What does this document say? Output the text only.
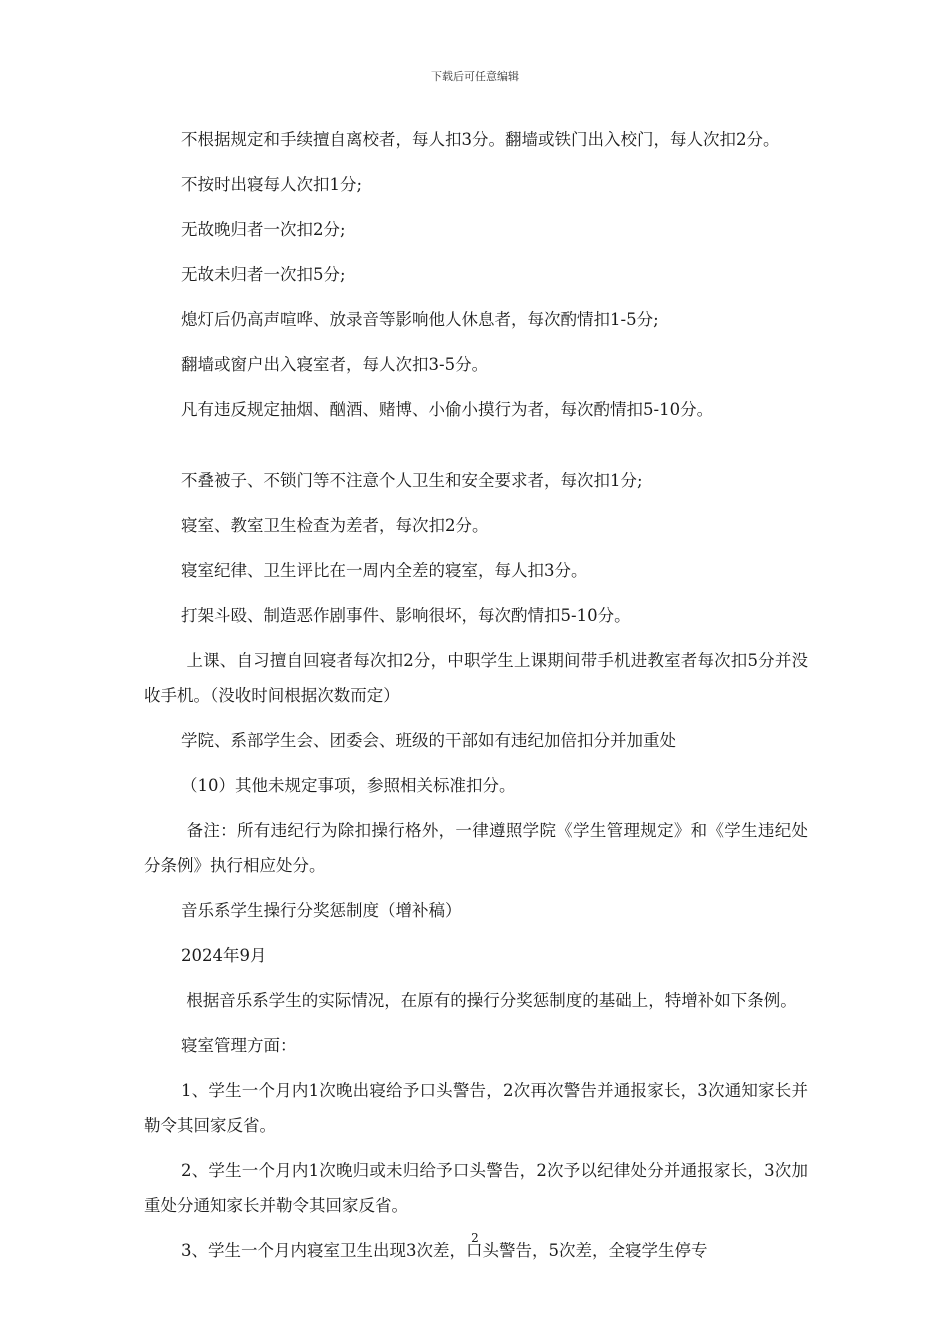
下载后可任意编辑

不根据规定和手续擅自离校者，每人扣3分。翻墙或铁门出入校门，每人次扣2分。

不按时出寝每人次扣1分;

无故晚归者一次扣2分;

无故未归者一次扣5分;

熄灯后仍高声喧哗、放录音等影响他人休息者，每次酌情扣1-5分;

翻墙或窗户出入寝室者，每人次扣3-5分。

凡有违反规定抽烟、酗酒、赌博、小偷小摸行为者，每次酌情扣5-10分。

不叠被子、不锁门等不注意个人卫生和安全要求者，每次扣1分;

寝室、教室卫生检查为差者，每次扣2分。

寝室纪律、卫生评比在一周内全差的寝室，每人扣3分。

打架斗殴、制造恶作剧事件、影响很坏，每次酌情扣5-10分。

上课、自习擅自回寝者每次扣2分，中职学生上课期间带手机进教室者每次扣5分并没收手机。（没收时间根据次数而定）

学院、系部学生会、团委会、班级的干部如有违纪加倍扣分并加重处

（10）其他未规定事项，参照相关标准扣分。

备注：所有违纪行为除扣操行格外，一律遵照学院《学生管理规定》和《学生违纪处分条例》执行相应处分。

音乐系学生操行分奖惩制度（增补稿）

2024年9月

根据音乐系学生的实际情况，在原有的操行分奖惩制度的基础上，特增补如下条例。

寝室管理方面：

1、学生一个月内1次晚出寝给予口头警告，2次再次警告并通报家长，3次通知家长并勒令其回家反省。

2、学生一个月内1次晚归或未归给予口头警告，2次予以纪律处分并通报家长，3次加重处分通知家长并勒令其回家反省。

3、学生一个月内寝室卫生出现3次差，口头警告，5次差，全寝学生停专

2
